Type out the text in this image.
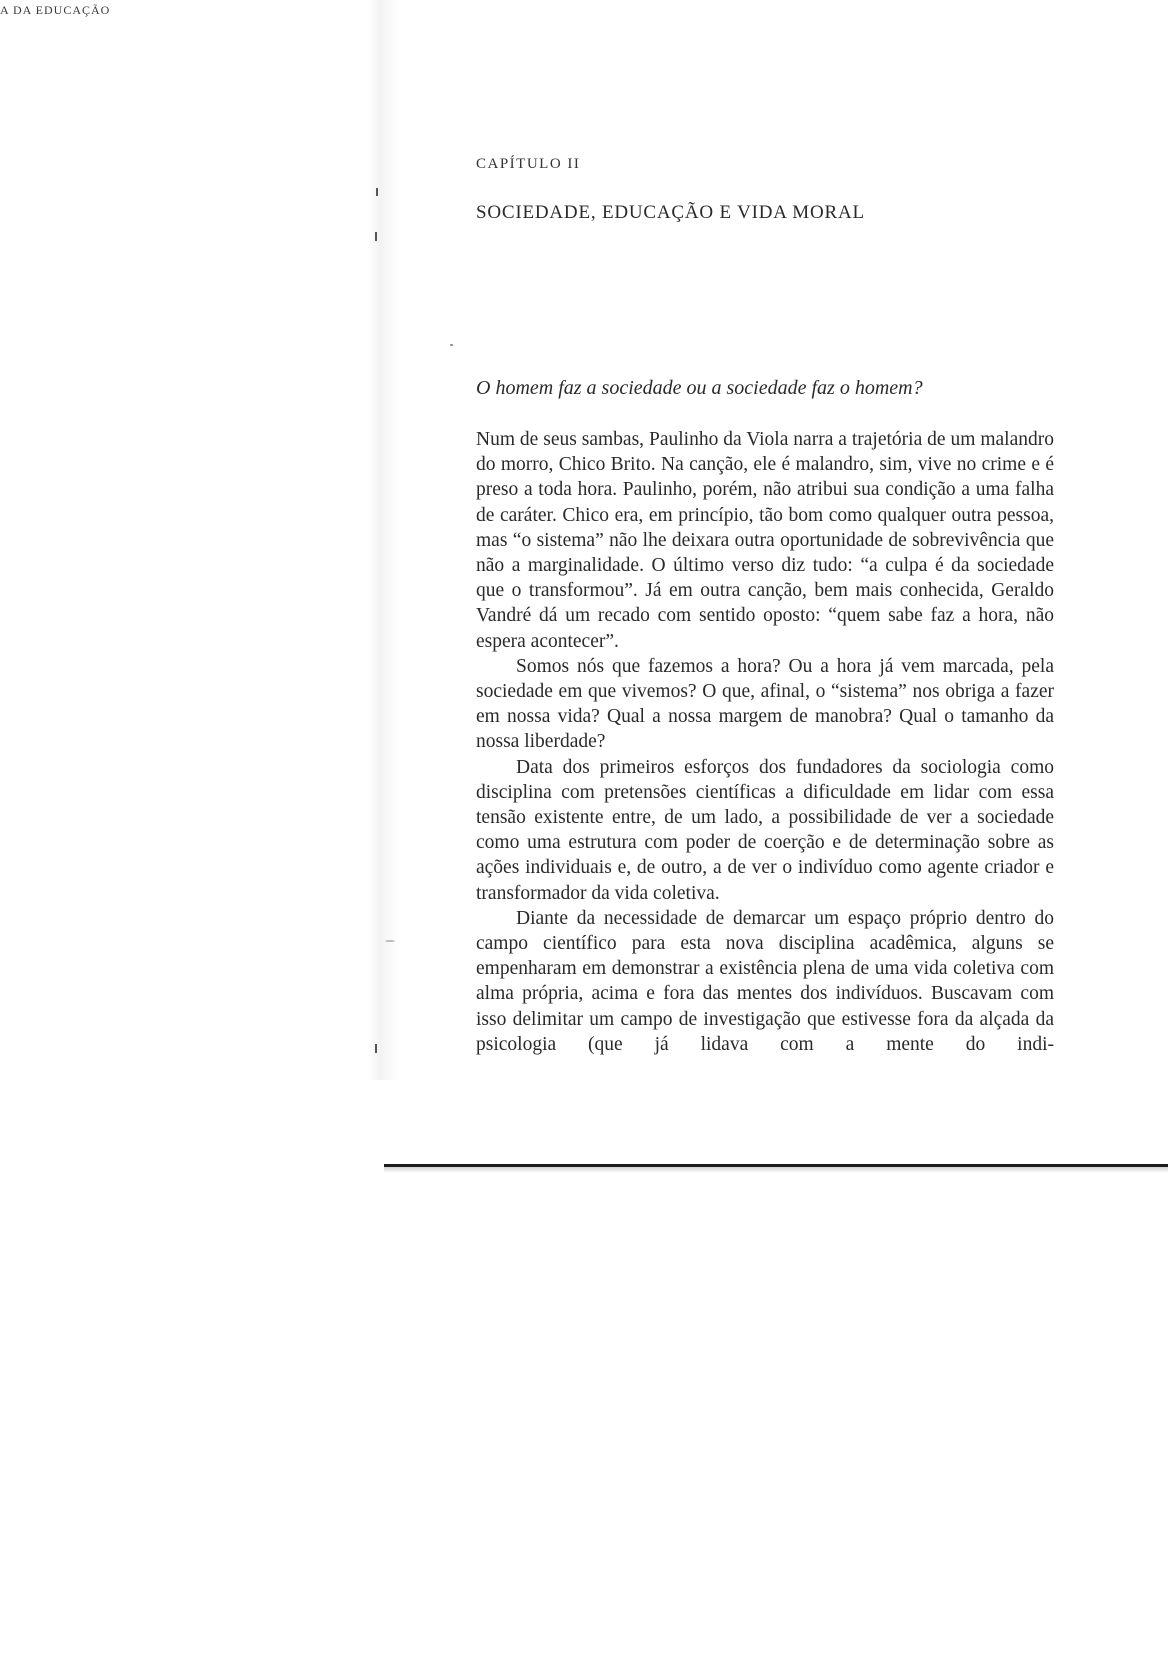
A DA EDUCAÇÃO
CAPÍTULO II
SOCIEDADE, EDUCAÇÃO E VIDA MORAL
O homem faz a sociedade ou a sociedade faz o homem?

Num de seus sambas, Paulinho da Viola narra a trajetória de um malandro do morro, Chico Brito. Na canção, ele é malandro, sim, vive no crime e é preso a toda hora. Paulinho, porém, não atribui sua condição a uma falha de caráter. Chico era, em princípio, tão bom como qualquer outra pessoa, mas “o sistema” não lhe deixara outra oportunidade de sobrevivência que não a marginalidade. O último verso diz tudo: “a culpa é da sociedade que o transformou”. Já em outra canção, bem mais conhecida, Geraldo Vandré dá um recado com sentido oposto: “quem sabe faz a hora, não espera acontecer”.

Somos nós que fazemos a hora? Ou a hora já vem marcada, pela sociedade em que vivemos? O que, afinal, o “sistema” nos obriga a fazer em nossa vida? Qual a nossa margem de manobra? Qual o tamanho da nossa liberdade?

Data dos primeiros esforços dos fundadores da sociologia como disciplina com pretensões científicas a dificuldade em lidar com essa tensão existente entre, de um lado, a possibilidade de ver a sociedade como uma estrutura com poder de coerção e de determinação sobre as ações individuais e, de outro, a de ver o indivíduo como agente criador e transformador da vida coletiva.

Diante da necessidade de demarcar um espaço próprio dentro do campo científico para esta nova disciplina acadêmica, alguns se empenharam em demonstrar a existência plena de uma vida coletiva com alma própria, acima e fora das mentes dos indivíduos. Buscavam com isso delimitar um campo de investigação que estivesse fora da alçada da psicologia (que já lidava com a mente do indi-
